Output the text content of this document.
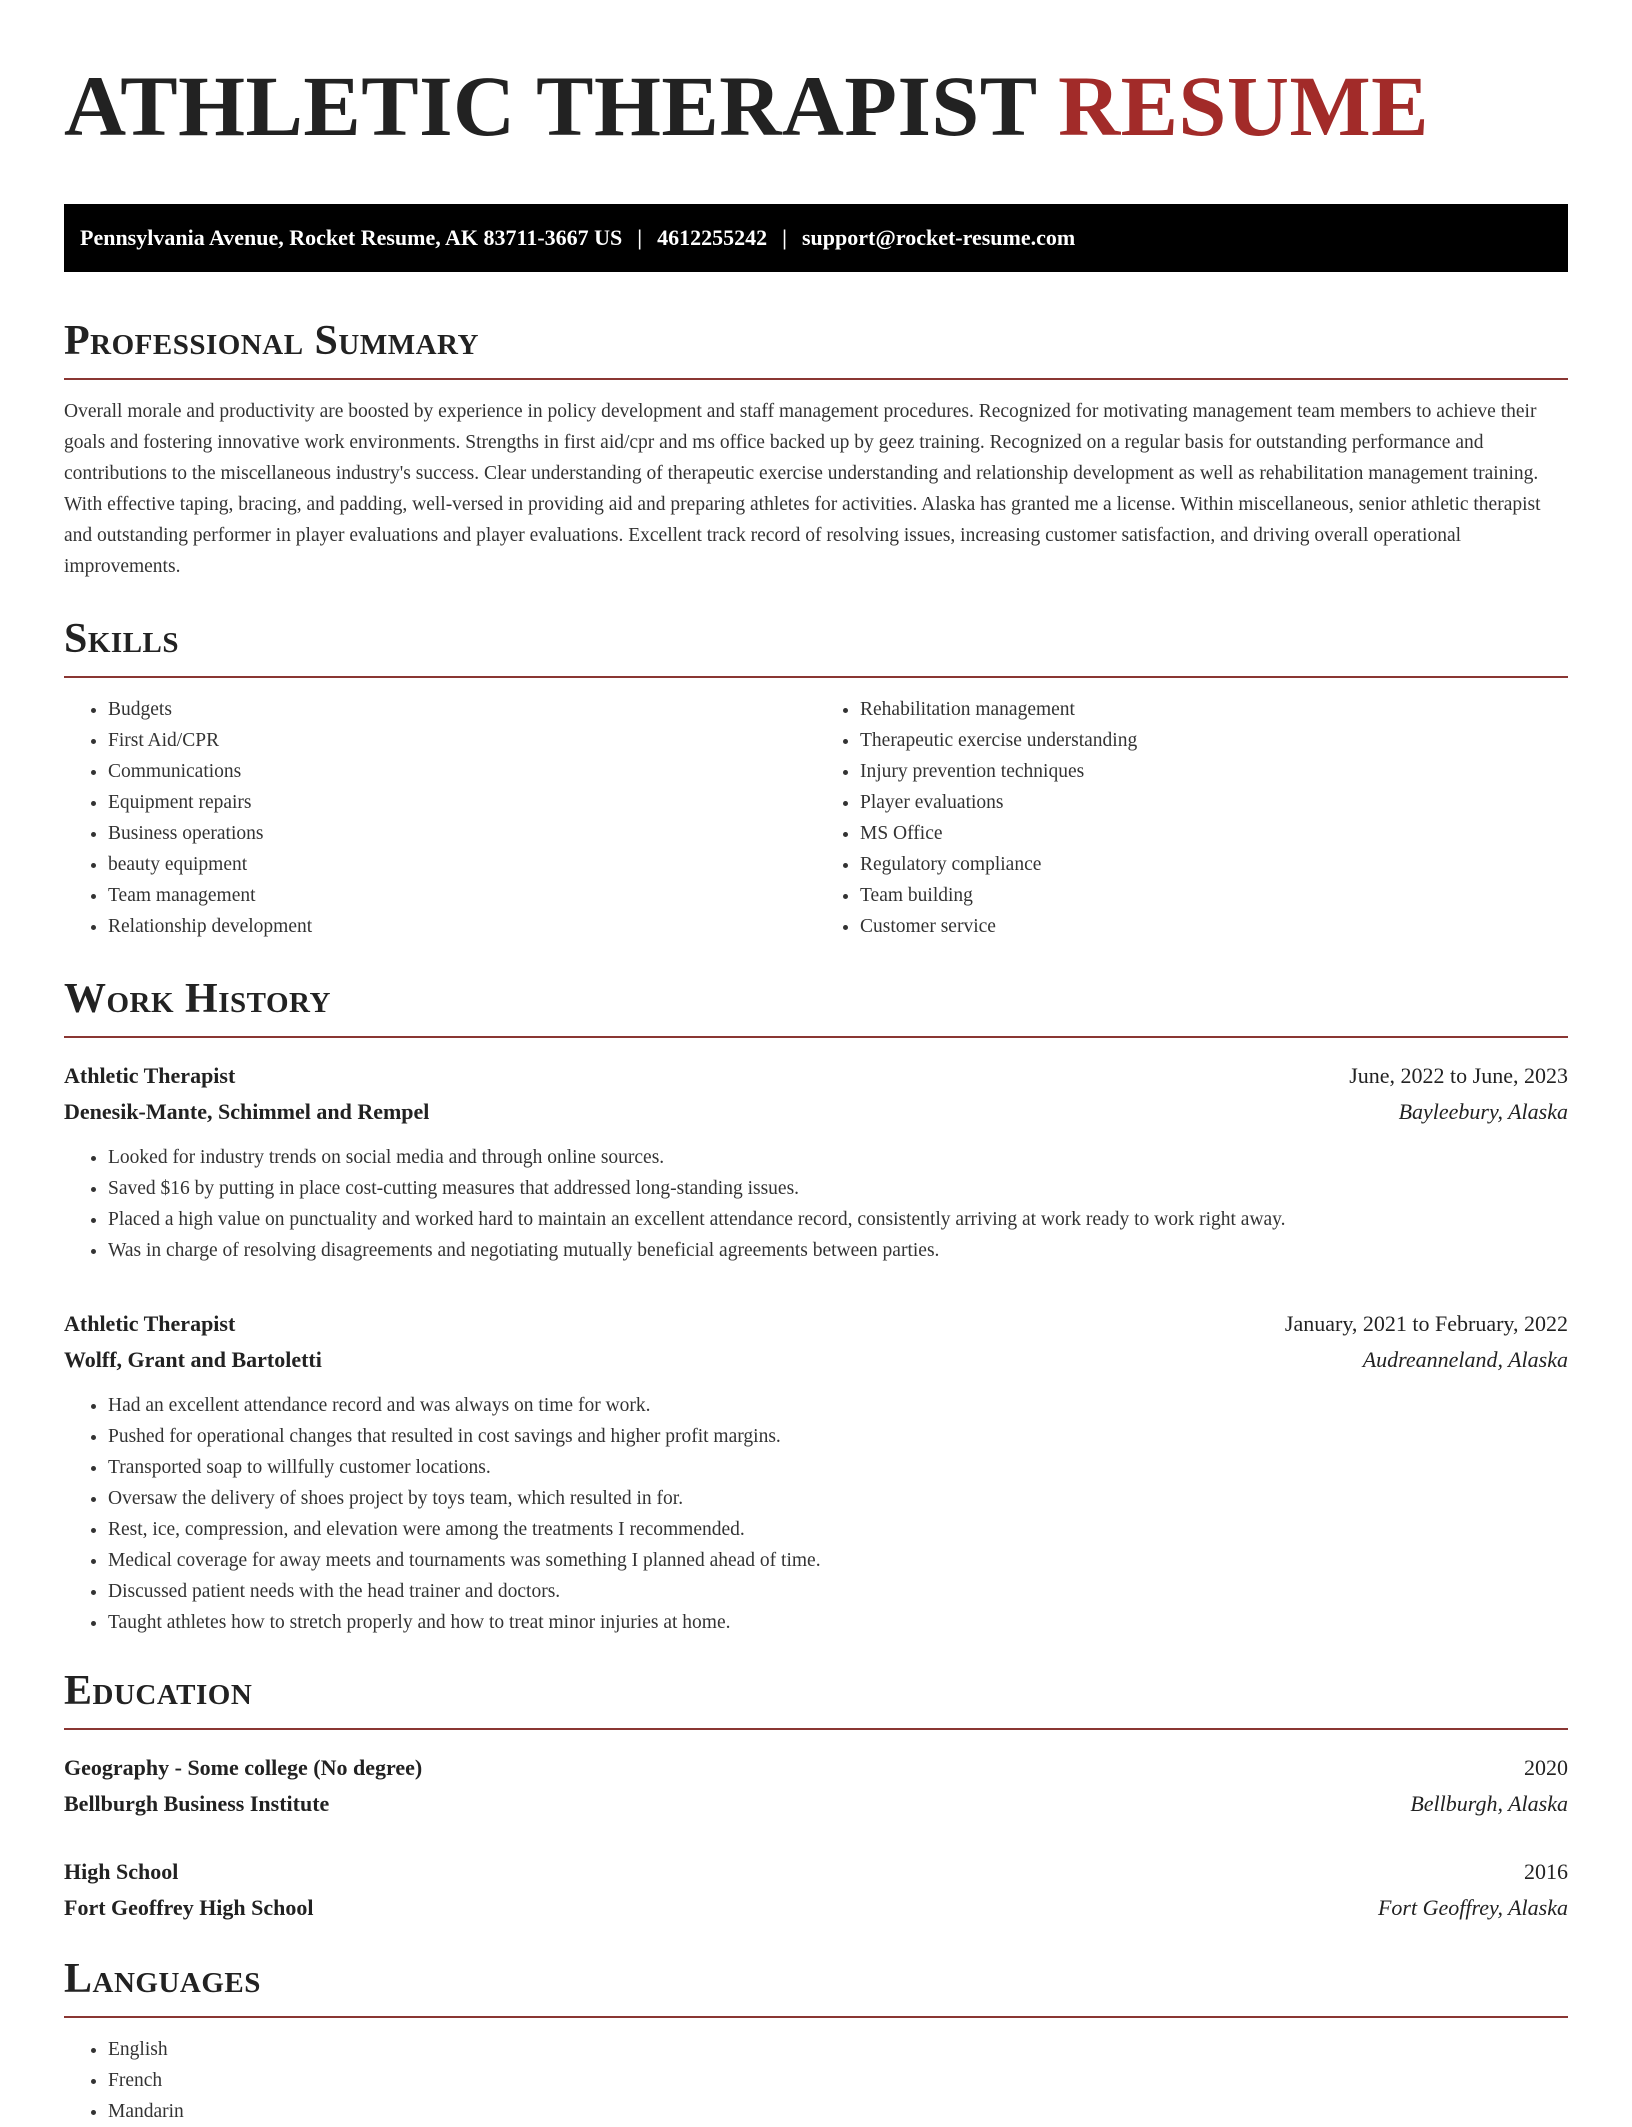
ATHLETIC THERAPIST RESUME
Pennsylvania Avenue, Rocket Resume, AK 83711-3667 US | 4612255242 | support@rocket-resume.com
Professional Summary

Overall morale and productivity are boosted by experience in policy development and staff management procedures. Recognized for motivating management team members to achieve their goals and fostering innovative work environments. Strengths in first aid/cpr and ms office backed up by geez training. Recognized on a regular basis for outstanding performance and contributions to the miscellaneous industry's success. Clear understanding of therapeutic exercise understanding and relationship development as well as rehabilitation management training. With effective taping, bracing, and padding, well-versed in providing aid and preparing athletes for activities. Alaska has granted me a license. Within miscellaneous, senior athletic therapist and outstanding performer in player evaluations and player evaluations. Excellent track record of resolving issues, increasing customer satisfaction, and driving overall operational improvements.

Skills
• Budgets
• First Aid/CPR
• Communications
• Equipment repairs
• Business operations
• beauty equipment
• Team management
• Relationship development
• Rehabilitation management
• Therapeutic exercise understanding
• Injury prevention techniques
• Player evaluations
• MS Office
• Regulatory compliance
• Team building
• Customer service
Work History
Athletic Therapist	June, 2022 to June, 2023
Denesik-Mante, Schimmel and Rempel	Bayleebury, Alaska
• Looked for industry trends on social media and through online sources.
• Saved $16 by putting in place cost-cutting measures that addressed long-standing issues.
• Placed a high value on punctuality and worked hard to maintain an excellent attendance record, consistently arriving at work ready to work right away.
• Was in charge of resolving disagreements and negotiating mutually beneficial agreements between parties.
Athletic Therapist	January, 2021 to February, 2022
Wolff, Grant and Bartoletti	Audreanneland, Alaska
• Had an excellent attendance record and was always on time for work.
• Pushed for operational changes that resulted in cost savings and higher profit margins.
• Transported soap to willfully customer locations.
• Oversaw the delivery of shoes project by toys team, which resulted in for.
• Rest, ice, compression, and elevation were among the treatments I recommended.
• Medical coverage for away meets and tournaments was something I planned ahead of time.
• Discussed patient needs with the head trainer and doctors.
• Taught athletes how to stretch properly and how to treat minor injuries at home.
Education
Geography - Some college (No degree)	2020
Bellburgh Business Institute	Bellburgh, Alaska
High School	2016
Fort Geoffrey High School	Fort Geoffrey, Alaska
Languages
• English
• French
• Mandarin
